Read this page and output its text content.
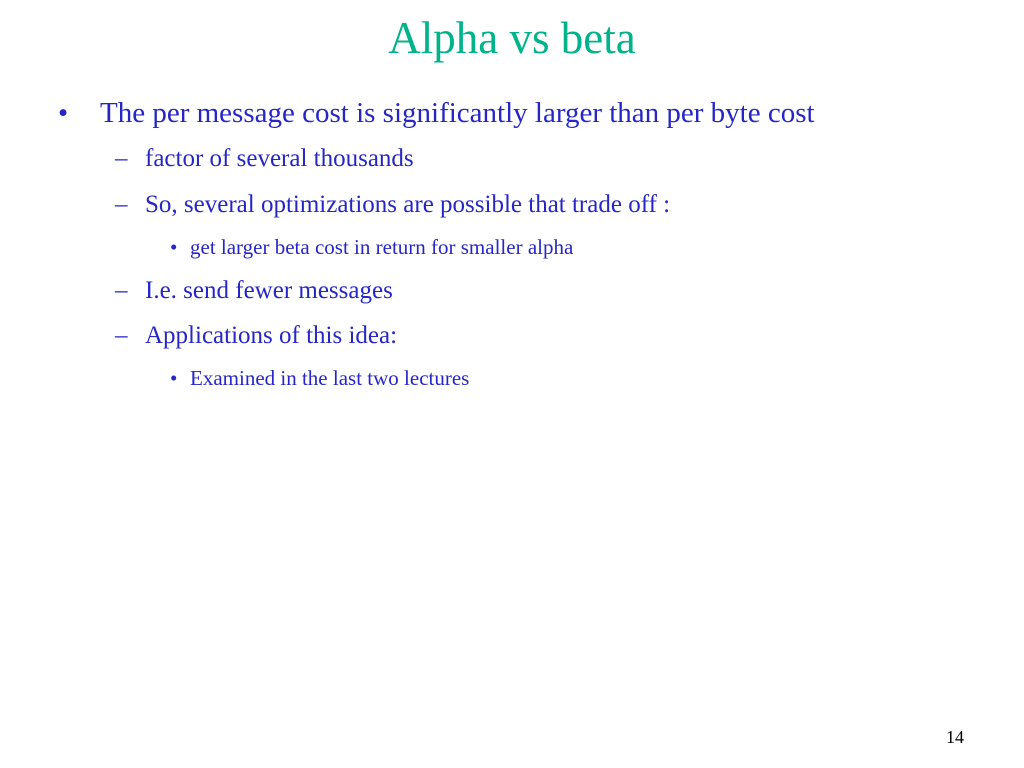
Alpha vs beta
• The per message cost is significantly larger than per byte cost
– factor of several thousands
– So, several optimizations are possible that trade off :
• get larger beta cost in return for smaller alpha
– I.e. send fewer messages
– Applications of this idea:
• Examined in the last two lectures
14
